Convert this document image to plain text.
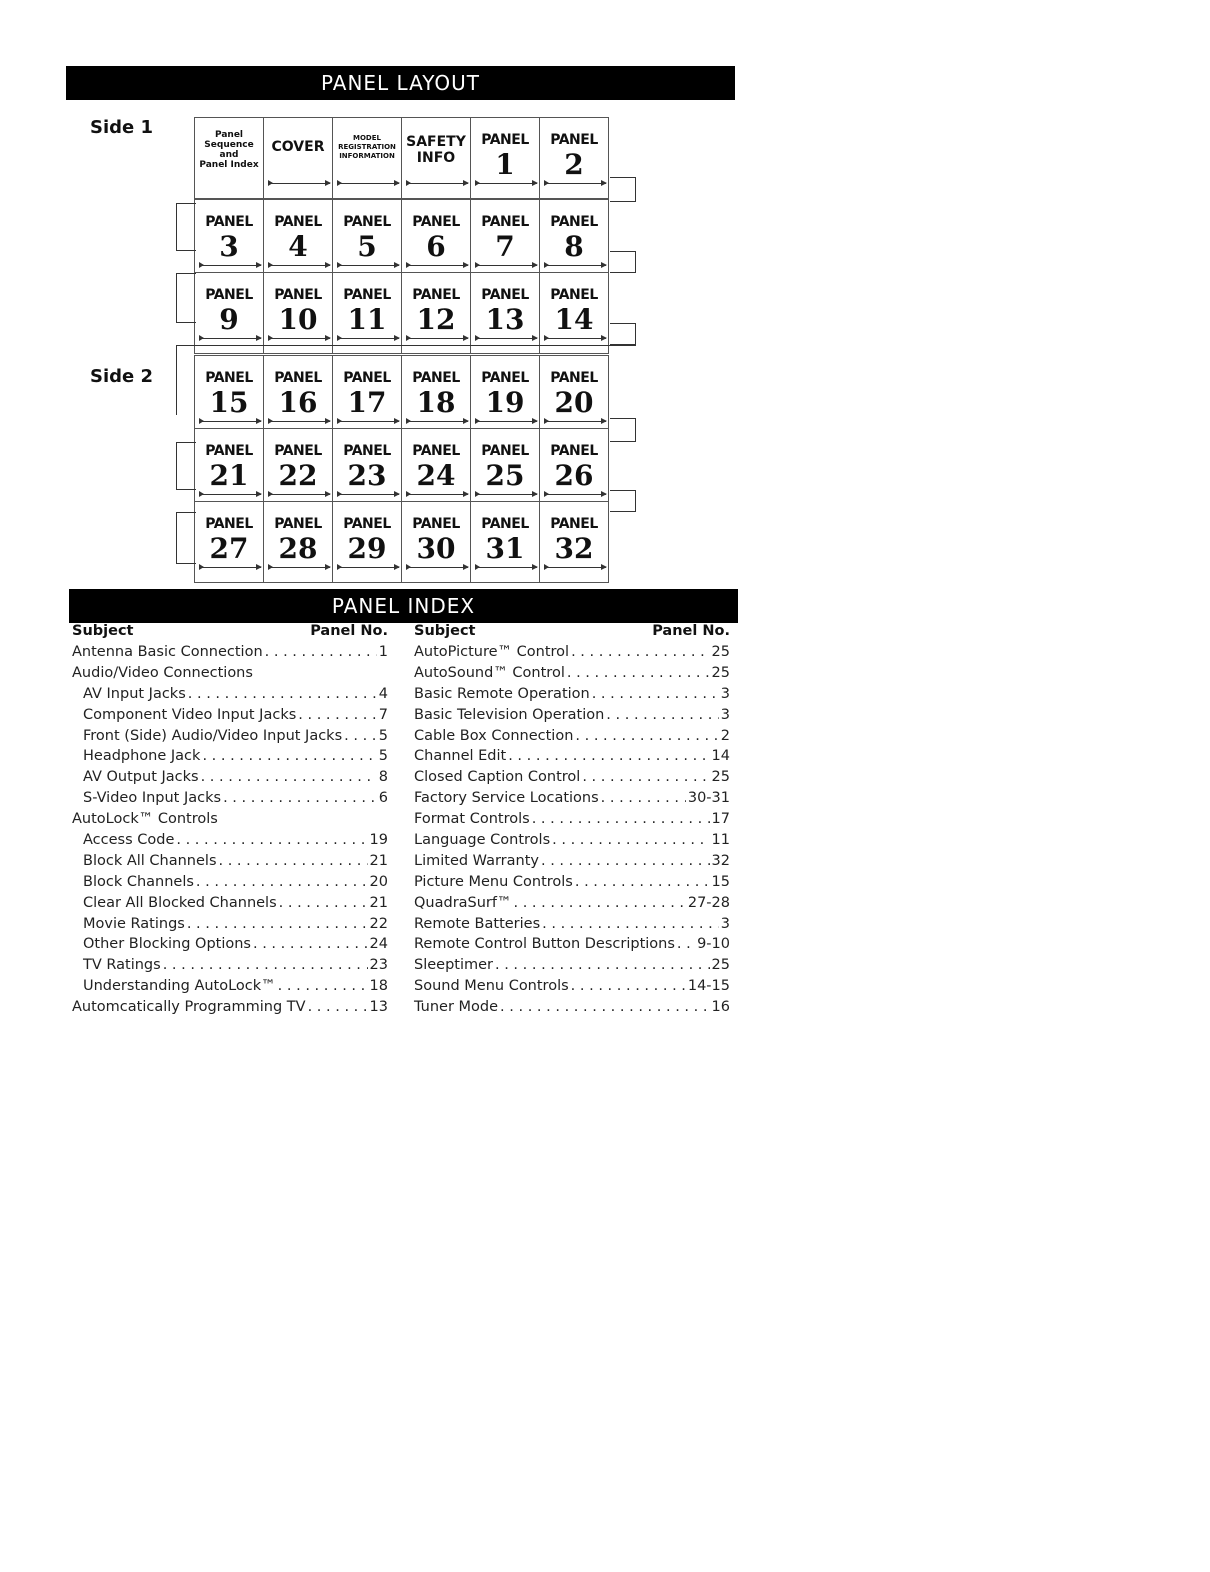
PANEL LAYOUT
Side 1
Side 2
Panel
Sequence
and
Panel Index
COVER
MODEL
REGISTRATION
INFORMATION
SAFETY
INFO
PANEL
1
PANEL
2
PANEL
3
PANEL
4
PANEL
5
PANEL
6
PANEL
7
PANEL
8
PANEL
9
PANEL
10
PANEL
11
PANEL
12
PANEL
13
PANEL
14
PANEL
15
PANEL
16
PANEL
17
PANEL
18
PANEL
19
PANEL
20
PANEL
21
PANEL
22
PANEL
23
PANEL
24
PANEL
25
PANEL
26
PANEL
27
PANEL
28
PANEL
29
PANEL
30
PANEL
31
PANEL
32
PANEL INDEX
Subject	Panel No.
Antenna Basic Connection . . .	1
Audio/Video Connections
AV Input Jacks . . .	4
Component Video Input Jacks . . .	7
Front (Side) Audio/Video Input Jacks . . .	5
Headphone Jack . . .	5
AV Output Jacks . . .	8
S-Video Input Jacks . . .	6
AutoLock™ Controls
Access Code . . .	19
Block All Channels . . .	21
Block Channels . . .	20
Clear All Blocked Channels . . .	21
Movie Ratings . . .	22
Other Blocking Options . . .	24
TV Ratings . . .	23
Understanding AutoLock™ . . .	18
Automcatically Programming TV . . .	13
Subject	Panel No.
AutoPicture™ Control . . .	25
AutoSound™ Control . . .	25
Basic Remote Operation . . .	3
Basic Television Operation . . .	3
Cable Box Connection . . .	2
Channel Edit . . .	14
Closed Caption Control . . .	25
Factory Service Locations . . .	30-31
Format Controls . . .	17
Language Controls . . .	11
Limited Warranty . . .	32
Picture Menu Controls . . .	15
QuadraSurf™ . . .	27-28
Remote Batteries . . .	3
Remote Control Button Descriptions . . . 9-10
Sleeptimer . . .	25
Sound Menu Controls . . .	14-15
Tuner Mode . . .	16
